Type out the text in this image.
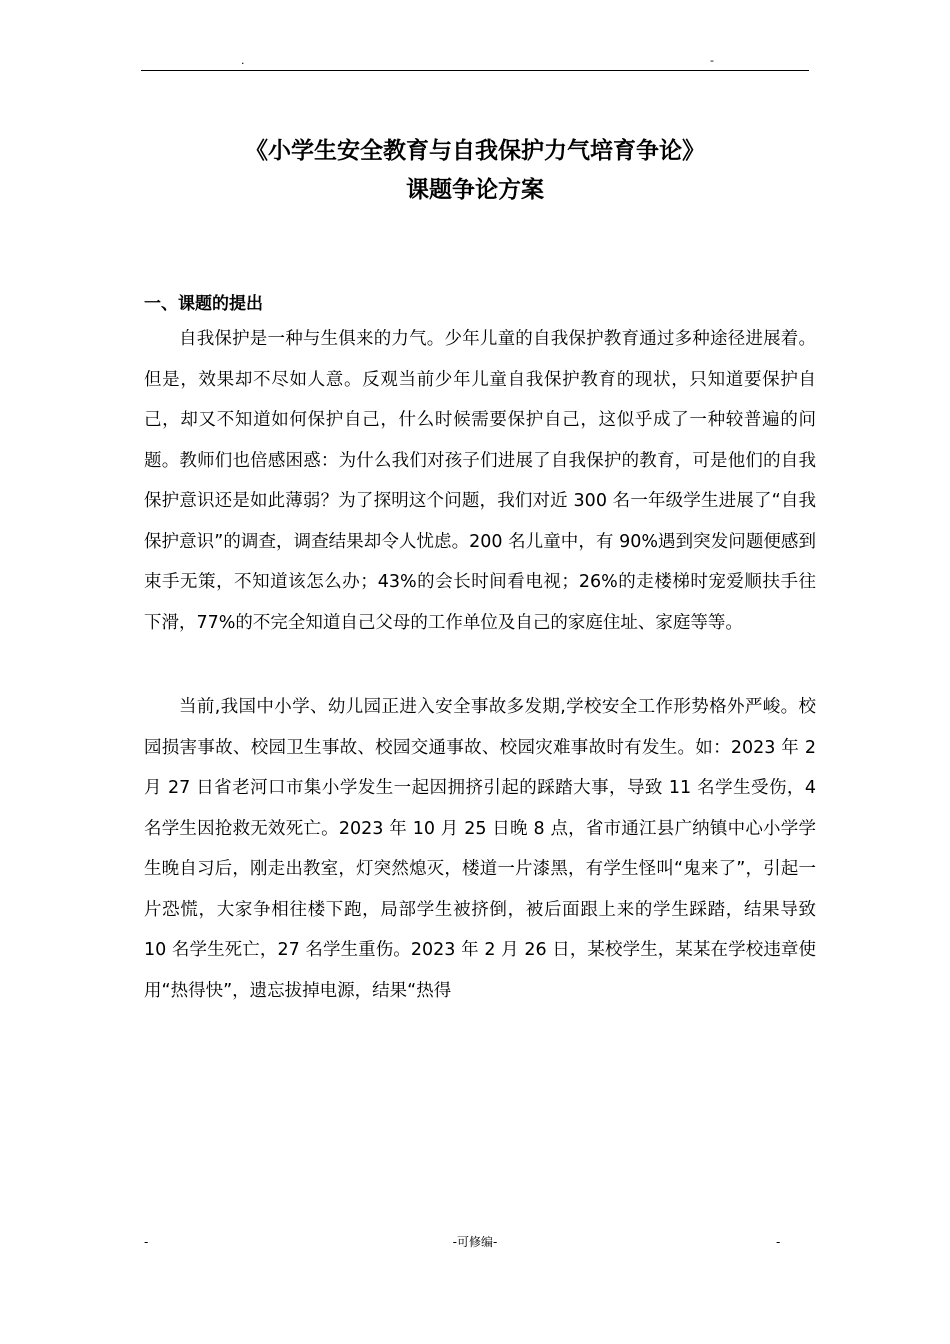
.	-
《小学生安全教育与自我保护力气培育争论》
课题争论方案
一、课题的提出

自我保护是一种与生俱来的力气。少年儿童的自我保护教育通过多种途径进展着。但是，效果却不尽如人意。反观当前少年儿童自我保护教育的现状，只知道要保护自己，却又不知道如何保护自己，什么时候需要保护自己，这似乎成了一种较普遍的问题。教师们也倍感困惑：为什么我们对孩子们进展了自我保护的教育，可是他们的自我保护意识还是如此薄弱？为了探明这个问题，我们对近 300 名一年级学生进展了“自我保护意识”的调查，调查结果却令人忧虑。200 名儿童中，有 90%遇到突发问题便感到束手无策，不知道该怎么办；43%的会长时间看电视；26%的走楼梯时宠爱顺扶手往下滑，77%的不完全知道自己父母的工作单位及自己的家庭住址、家庭等等。

当前,我国中小学、幼儿园正进入安全事故多发期,学校安全工作形势格外严峻。校园损害事故、校园卫生事故、校园交通事故、校园灾难事故时有发生。如：2023 年 2 月 27 日省老河口市集小学发生一起因拥挤引起的踩踏大事，导致 11 名学生受伤，4 名学生因抢救无效死亡。2023 年 10 月 25 日晚 8 点，省市通江县广纳镇中心小学学生晚自习后，刚走出教室，灯突然熄灭，楼道一片漆黑，有学生怪叫“鬼来了”，引起一片恐慌，大家争相往楼下跑，局部学生被挤倒，被后面跟上来的学生踩踏，结果导致 10 名学生死亡，27 名学生重伤。2023 年 2 月 26 日，某校学生，某某在学校违章使用“热得快”，遗忘拔掉电源，结果“热得

-	-可修编-	-
